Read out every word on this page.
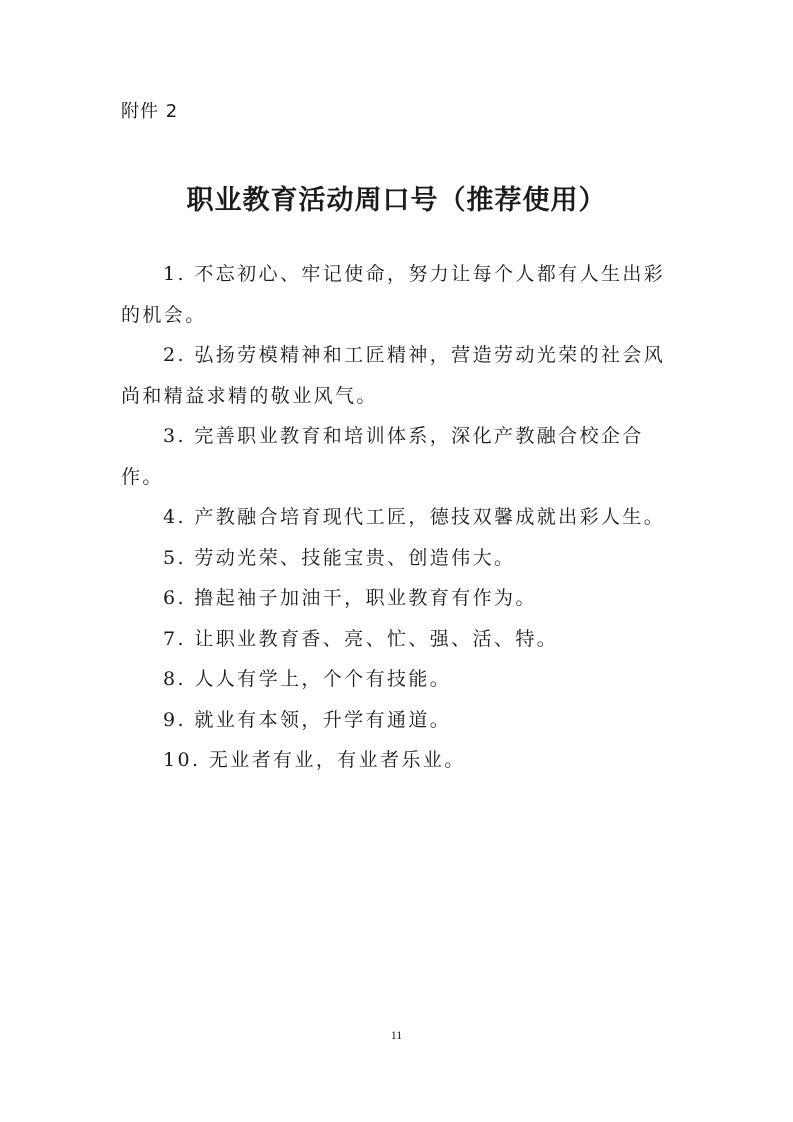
附件 2

职业教育活动周口号（推荐使用）
1. 不忘初心、牢记使命，努力让每个人都有人生出彩的机会。
2. 弘扬劳模精神和工匠精神，营造劳动光荣的社会风尚和精益求精的敬业风气。
3. 完善职业教育和培训体系，深化产教融合校企合作。
4. 产教融合培育现代工匠，德技双馨成就出彩人生。
5. 劳动光荣、技能宝贵、创造伟大。
6. 撸起袖子加油干，职业教育有作为。
7. 让职业教育香、亮、忙、强、活、特。
8. 人人有学上，个个有技能。
9. 就业有本领，升学有通道。
10. 无业者有业，有业者乐业。

11
